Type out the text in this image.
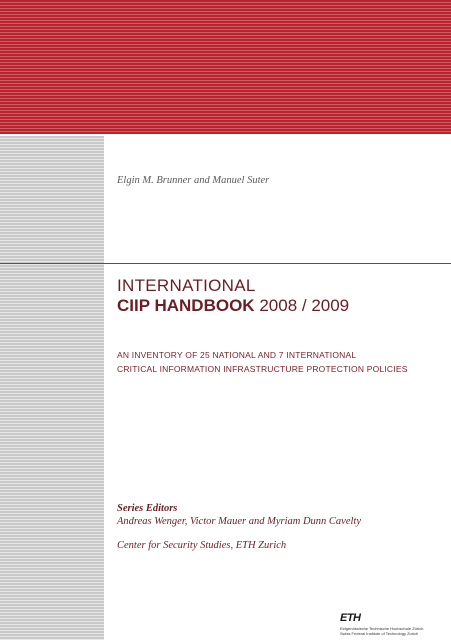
Elgin M. Brunner and Manuel Suter
INTERNATIONAL
CIIP HANDBOOK 2008 / 2009
AN INVENTORY OF 25 NATIONAL AND 7 INTERNATIONAL
CRITICAL INFORMATION INFRASTRUCTURE PROTECTION POLICIES
Series Editors
Andreas Wenger, Victor Mauer and Myriam Dunn Cavelty
Center for Security Studies, ETH Zurich
ETH
Eidgenössische Technische Hochschule Zürich
Swiss Federal Institute of Technology Zurich
